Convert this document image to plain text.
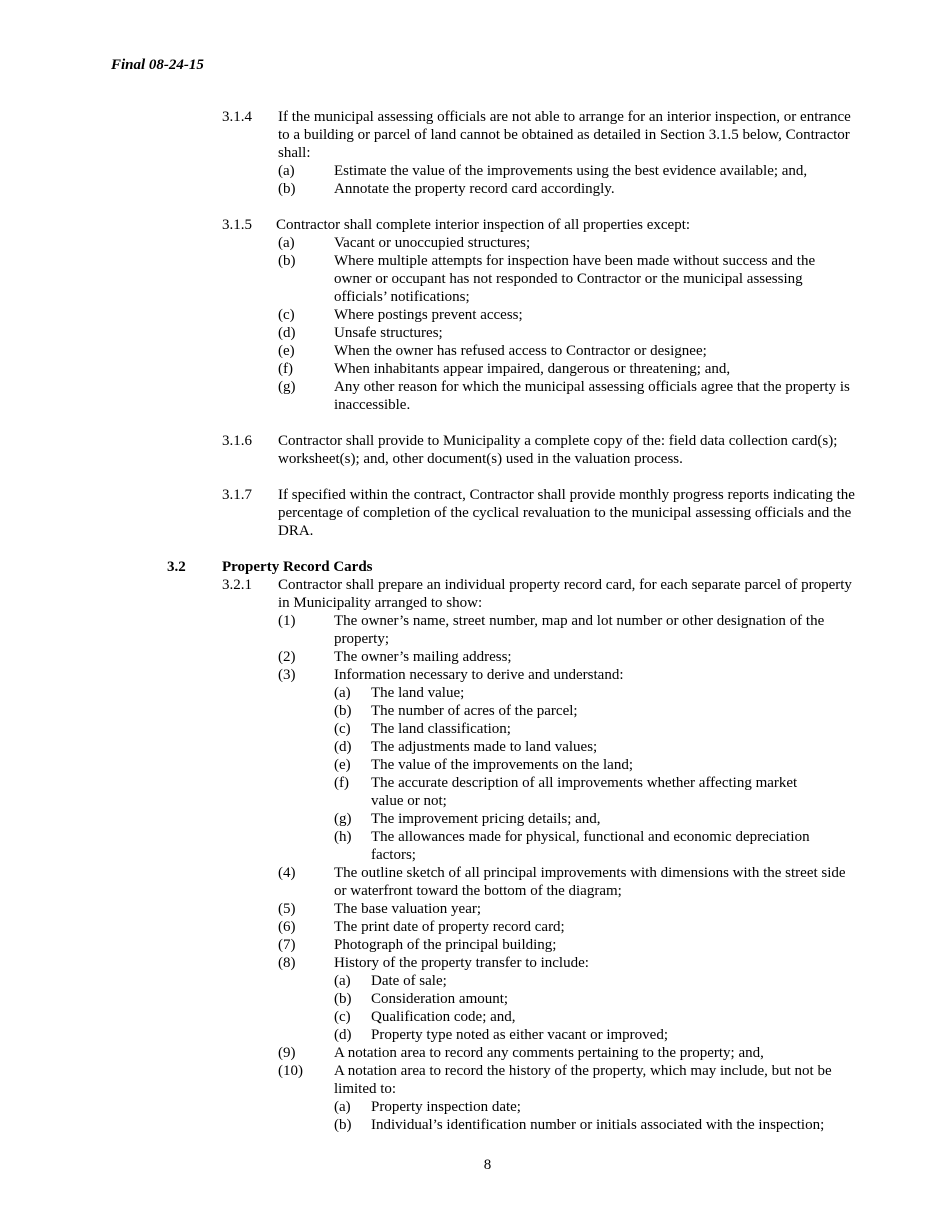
Final 08-24-15
3.1.4 If the municipal assessing officials are not able to arrange for an interior inspection, or entrance to a building or parcel of land cannot be obtained as detailed in Section 3.1.5 below, Contractor shall:
(a)	Estimate the value of the improvements using the best evidence available; and,
(b)	Annotate the property record card accordingly.
3.1.5 Contractor shall complete interior inspection of all properties except:
(a)	Vacant or unoccupied structures;
(b)	Where multiple attempts for inspection have been made without success and the owner or occupant has not responded to Contractor or the municipal assessing officials’ notifications;
(c)	Where postings prevent access;
(d)	Unsafe structures;
(e)	When the owner has refused access to Contractor or designee;
(f)	When inhabitants appear impaired, dangerous or threatening; and,
(g)	Any other reason for which the municipal assessing officials agree that the property is inaccessible.
3.1.6 Contractor shall provide to Municipality a complete copy of the: field data collection card(s); worksheet(s); and, other document(s) used in the valuation process.
3.1.7 If specified within the contract, Contractor shall provide monthly progress reports indicating the percentage of completion of the cyclical revaluation to the municipal assessing officials and the DRA.
3.2 Property Record Cards
3.2.1 Contractor shall prepare an individual property record card, for each separate parcel of property in Municipality arranged to show:
(1)	The owner’s name, street number, map and lot number or other designation of the property;
(2)	The owner’s mailing address;
(3)	Information necessary to derive and understand:
(a) The land value;
(b) The number of acres of the parcel;
(c) The land classification;
(d) The adjustments made to land values;
(e) The value of the improvements on the land;
(f) The accurate description of all improvements whether affecting market value or not;
(g) The improvement pricing details; and,
(h) The allowances made for physical, functional and economic depreciation factors;
(4)	The outline sketch of all principal improvements with dimensions with the street side or waterfront toward the bottom of the diagram;
(5)	The base valuation year;
(6)	The print date of property record card;
(7)	Photograph of the principal building;
(8)	History of the property transfer to include:
(a) Date of sale;
(b) Consideration amount;
(c) Qualification code; and,
(d) Property type noted as either vacant or improved;
(9)	A notation area to record any comments pertaining to the property; and,
(10) A notation area to record the history of the property, which may include, but not be limited to:
(a) Property inspection date;
(b) Individual’s identification number or initials associated with the inspection;
8
